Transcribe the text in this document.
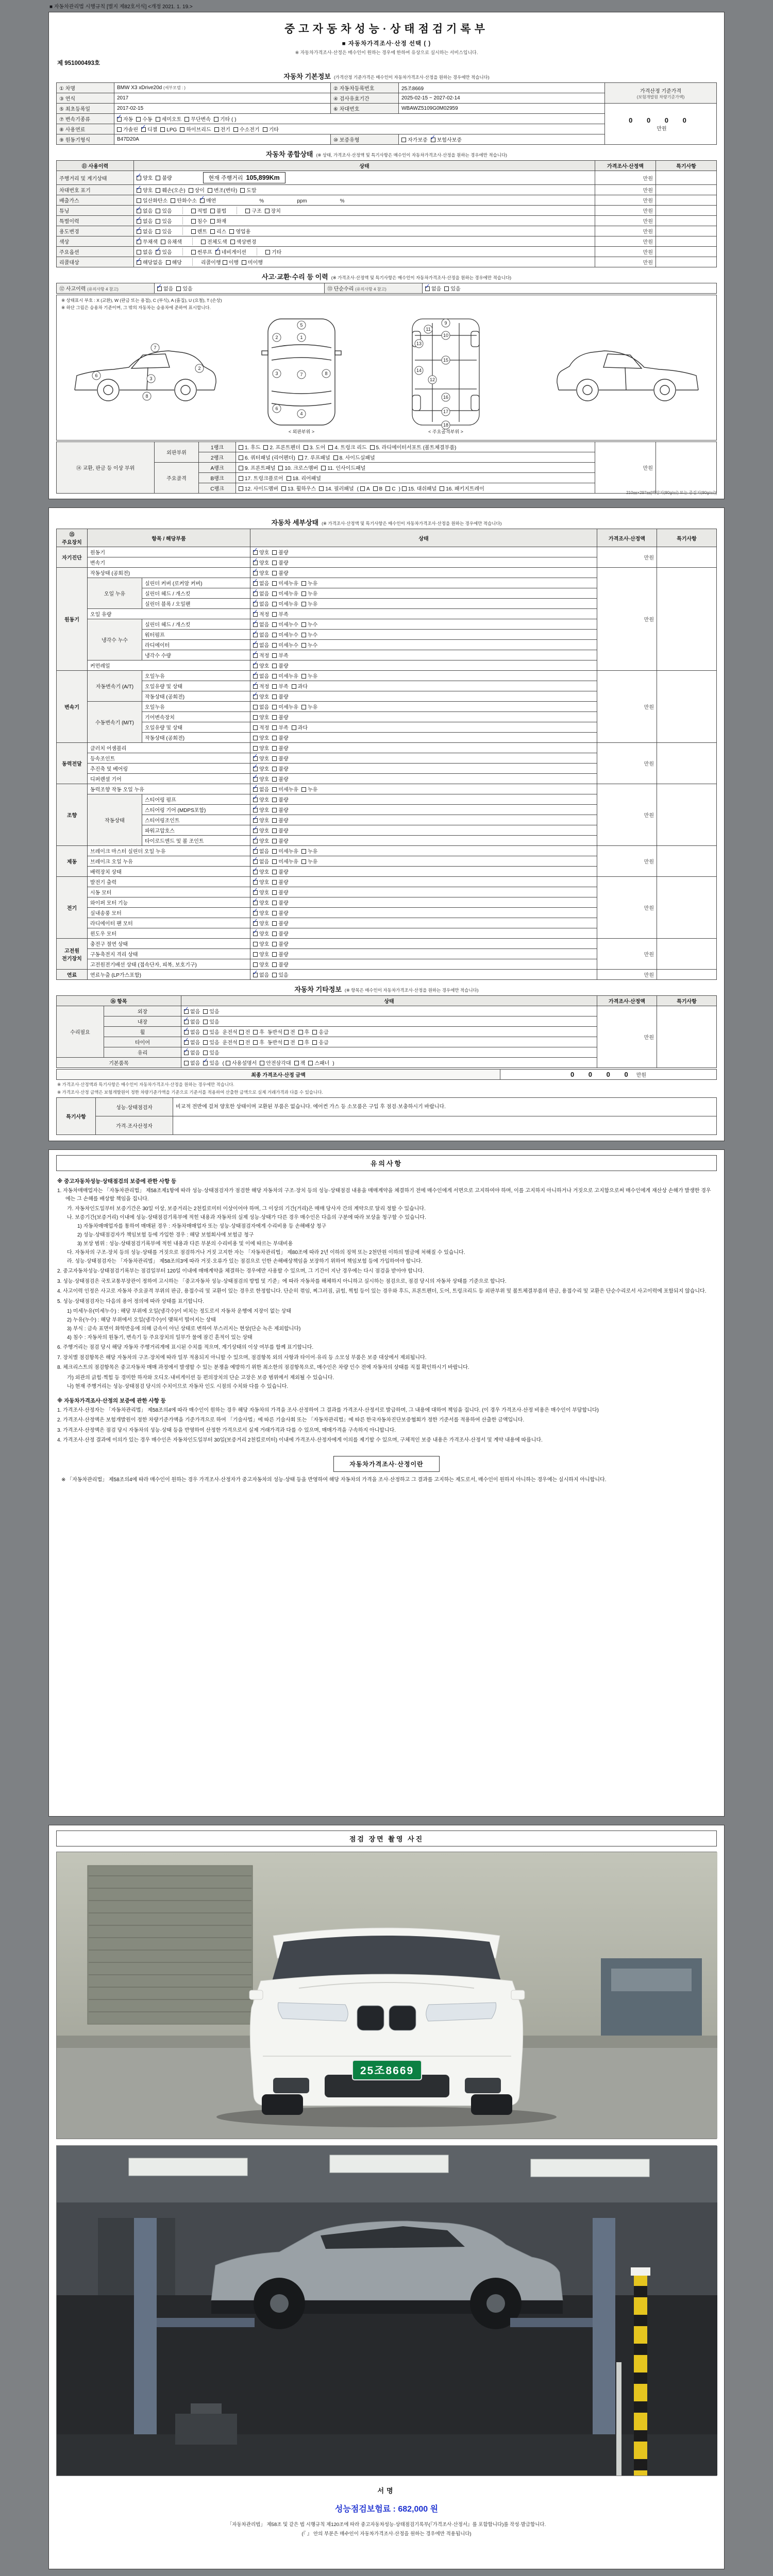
■ 자동차관리법 시행규칙 [별지 제82호서식] <개정 2021. 1. 19.>
중고자동차성능·상태점검기록부
■ 자동차가격조사·산정 선택 ( )
※ 자동차가격조사·산정은 매수인이 원하는 경우에 한하여 유상으로 실시하는 서비스입니다.
제 951000493호
자동차 기본정보 (가격산정 기준가격은 매수인이 자동차가격조사·산정을 원하는 경우에만 적습니다)
① 차명	BMW X3 xDrive20d (세부모델 : )	② 자동차등록번호	25조8669	가격산정 기준가격
(보험개발원 차량기준가액)

③ 연식	2017	④ 검사유효기간	2025-02-15 ~ 2027-02-14	
⑤ 최초등록일	2017-02-15	⑥ 차대번호	WBAWZ5109G0M02959	0 0 0 0
만원

⑦ 변속기종류	✓ 자동 수동 세미오토 무단변속 기타 ( )			
⑧ 사용연료	가솔린 ✓ 디젤 LPG 하이브리드 전기 수소전기 기타			
⑨ 원동기형식	B47D20A	⑩ 보증유형	자가보증 ✓ 보험사보증	
자동차 종합상태 (※ 상태, 가격조사·산정액 및 특기사항은 매수인이 자동차가격조사·산정을 원하는 경우에만 적습니다)
⑪ 사용이력	상태	가격조사·산정액	특기사항
주행거리 및 계기상태	✓ 양호 불량 현재 주행거리 105,899Km	만원	
차대번호 표기	✓ 양호 훼손(오손) 상이 변조(변타) 도말	만원	
배출가스	일산화탄소 탄화수소 ✓ 매연 % ppm %	만원	
튜닝	✓ 없음 있음 적법 불법 구조 장치	만원	
특별이력	✓ 없음 있음 침수 화재	만원	
용도변경	✓ 없음 있음 렌트 리스 영업용	만원	
색상	✓ 무채색 유채색 전체도색 색상변경	만원	
주요옵션	없음 ✓ 있음 썬루프 ✓ 네비게이션 기타	만원	
리콜대상	✓ 해당없음 해당 리콜이행 이행 미이행	만원	
사고·교환·수리 등 이력 (※ 가격조사·산정액 및 특기사항은 매수인이 자동차가격조사·산정을 원하는 경우에만 적습니다)
⑫ 사고이력 (유의사항 4 참고)	✓ 없음 있음	⑬ 단순수리 (유의사항 4 참고)	✓ 없음 있음
※ 상태표시 부호 : X (교환), W (판금 또는 용접), C (부식), A (흠집), U (요철), T (손상)
※ 하단 그림은 승용차 기준이며, 그 밖의 자동차는 승용차에 준하여 표시합니다.
2
3
6
7
8
5
1
7
4
2
3
6
8
9
10
11
12
13
14
15
16
17
18
< 외판부위 >	< 주요골격부위 >
⑭ 교환, 판금 등 이상 부위	외판부위	1랭크	1. 후드 2. 프론트펜더 3. 도어 4. 트렁크 리드 5. 라디에이터서포트 (볼트체결부품)	만원	
		2랭크	6. 쿼터패널 (리어펜더) 7. 루프패널 8. 사이드실패널		
	주요골격	A랭크	9. 프론트패널 10. 크로스멤버 11. 인사이드패널		
		B랭크	17. 트렁크플로어 18. 리어패널		
		C랭크	12. 사이드멤버 13. 휠하우스 14. 필러패널 ( A B C ) 15. 대쉬패널 16. 패키지트레이		
210㎜×297㎜[백상지(80g/㎡) 또는 중질지(80g/㎡)]
자동차 세부상태 (※ 가격조사·산정액 및 특기사항은 매수인이 자동차가격조사·산정을 원하는 경우에만 적습니다)
⑮ 주요장치	항목 / 해당부품		상태	가격조사·산정액	특기사항
자기진단	원동기		✓ 양호 불량	만원	
	변속기		✓ 양호 불량		
원동기	작동상태 (공회전)		✓ 양호 불량	만원	
	오일 누유	실린더 커버 (로커암 커버)	✓ 없음 미세누유 누유		
		실린더 헤드 / 개스킷	✓ 없음 미세누유 누유		
		실린더 블록 / 오일팬	✓ 없음 미세누유 누유		
	오일 유량		✓ 적정 부족		
	냉각수 누수	실린더 헤드 / 개스킷	✓ 없음 미세누수 누수		
		워터펌프	✓ 없음 미세누수 누수		
		라디에이터	✓ 없음 미세누수 누수		
		냉각수 수량	✓ 적정 부족		
	커먼레일		✓ 양호 불량		
변속기	자동변속기 (A/T)	오일누유	✓ 없음 미세누유 누유	만원	
		오일유량 및 상태	✓ 적정 부족 과다		
		작동상태 (공회전)	✓ 양호 불량		
	수동변속기 (M/T)	오일누유	없음 미세누유 누유		
		기어변속장치	양호 불량		
		오일유량 및 상태	적정 부족 과다		
		작동상태 (공회전)	양호 불량		
동력전달	클러치 어셈블리		양호 불량	만원	
	등속조인트		✓ 양호 불량		
	추진축 및 베어링		✓ 양호 불량		
	디퍼렌셜 기어		✓ 양호 불량		
조향	동력조향 작동 오일 누유		✓ 없음 미세누유 누유	만원	
	작동상태	스티어링 펌프	✓ 양호 불량		
		스티어링 기어 (MDPS포함)	✓ 양호 불량		
		스티어링조인트	✓ 양호 불량		
		파워고압호스	✓ 양호 불량		
		타이로드엔드 및 볼 조인트	✓ 양호 불량		
제동	브레이크 마스터 실린더 오일 누유		✓ 없음 미세누유 누유	만원	
	브레이크 오일 누유		✓ 없음 미세누유 누유		
	배력장치 상태		✓ 양호 불량		
전기	발전기 출력		✓ 양호 불량	만원	
	시동 모터		✓ 양호 불량		
	와이퍼 모터 기능		✓ 양호 불량		
	실내송풍 모터		✓ 양호 불량		
	라디에이터 팬 모터		✓ 양호 불량		
	윈도우 모터		✓ 양호 불량		
고전원 전기장치	충전구 절연 상태		양호 불량	만원	
	구동축전지 격리 상태		양호 불량		
	고전원전기배선 상태 (접속단자, 피복, 보호기구)		양호 불량		
연료	연료누출 (LP가스포함)		✓ 없음 있음	만원	
자동차 기타정보 (※ 항목은 매수인이 자동차가격조사·산정을 원하는 경우에만 적습니다)
⑯ 항목		상태	가격조사·산정액	특기사항
수리필요	외장	✓ 없음 있음	만원	
	내장	✓ 없음 있음		
	휠	✓ 없음 있음 운전석 전 후 동반석 전 후 응급		
	타이어	✓ 없음 있음 운전석 전 후 동반석 전 후 응급		
	유리	✓ 없음 있음		
기본품목		없음 ✓ 있음 ( 사용설명서 안전삼각대 잭 스패너 )		
최종 가격조사·산정 금액	0 0 0 0 만원
※ 가격조사·산정액과 특기사항은 매수인이 자동차가격조사·산정을 원하는 경우에만 적습니다.
※ 가격조사·산정 금액은 보험개발원이 정한 차량기준가액을 기준으로 기준서를 적용하여 산출한 금액으로 실제 거래가격과 다를 수 있습니다.
특기사항	성능·상태점검자	비교적 전반에 걸쳐 양호한 상태이며 교환된 부품은 없습니다. 에어컨 가스 등 소모품은 구입 후 점검·보충하시기 바랍니다.
	가격·조사산정자	
유의사항
※ 중고자동차성능·상태점검의 보증에 관한 사항 등
1. 자동차매매업자는 「자동차관리법」 제58조제1항에 따라 성능·상태점검자가 점검한 해당 자동차의 구조·장치 등의 성능·상태점검 내용을 매매계약을 체결하기 전에 매수인에게 서면으로 고지하여야 하며, 이를 고지하지 아니하거나 거짓으로 고지함으로써 매수인에게 재산상 손해가 발생한 경우에는 그 손해를 배상할 책임을 집니다.
가. 자동차인도일부터 보증기간은 30일 이상, 보증거리는 2천킬로미터 이상이어야 하며, 그 이상의 기간(거리)은 매매 당사자 간의 계약으로 달리 정할 수 있습니다.
나. 보증기간(보증거리) 이내에 성능·상태점검기록부에 적힌 내용과 자동차의 실제 성능·상태가 다른 경우 매수인은 다음의 구분에 따라 보상을 청구할 수 있습니다.
1) 자동차매매업자를 통하여 매매된 경우 : 자동차매매업자 또는 성능·상태점검자에게 수리비용 등 손해배상 청구
2) 성능·상태점검자가 책임보험 등에 가입한 경우 : 해당 보험회사에 보험금 청구
3) 보상 범위 : 성능·상태점검기록부에 적힌 내용과 다른 부분의 수리비용 및 이에 따르는 부대비용
다. 자동차의 구조·장치 등의 성능·상태를 거짓으로 점검하거나 거짓 고지한 자는 「자동차관리법」 제80조에 따라 2년 이하의 징역 또는 2천만원 이하의 벌금에 처해질 수 있습니다.
라. 성능·상태점검자는 「자동차관리법」 제58조의3에 따라 거짓·오류가 있는 점검으로 인한 손해배상책임을 보장하기 위하여 책임보험 등에 가입하여야 합니다.
2. 중고자동차성능·상태점검기록부는 점검일부터 120일 이내에 매매계약을 체결하는 경우에만 사용할 수 있으며, 그 기간이 지난 경우에는 다시 점검을 받아야 합니다.
3. 성능·상태점검은 국토교통부장관이 정하여 고시하는 「중고자동차 성능·상태점검의 방법 및 기준」에 따라 자동차를 해체하지 아니하고 실시하는 점검으로, 점검 당시의 자동차 상태를 기준으로 합니다.
4. 사고이력 인정은 사고로 자동차 주요골격 부위의 판금, 용접수리 및 교환이 있는 경우로 한정합니다. 단순히 꺾임, 찌그러짐, 긁힘, 찍힘 등이 있는 경우와 후드, 프론트펜더, 도어, 트렁크리드 등 외판부위 및 볼트체결부품의 판금, 용접수리 및 교환은 단순수리로서 사고이력에 포함되지 않습니다.
5. 성능·상태점검자는 다음의 용어 정의에 따라 상태를 표기합니다.
1) 미세누유(미세누수) : 해당 부위에 오일(냉각수)이 비치는 정도로서 자동차 운행에 지장이 없는 상태
2) 누유(누수) : 해당 부위에서 오일(냉각수)이 맺혀서 떨어지는 상태
3) 부식 : 금속 표면이 화학반응에 의해 금속이 아닌 상태로 변하여 부스러지는 현상(단순 녹은 제외합니다)
4) 침수 : 자동차의 원동기, 변속기 등 주요장치의 일부가 물에 잠긴 흔적이 있는 상태
6. 주행거리는 점검 당시 해당 자동차 주행거리계에 표시된 수치를 적으며, 계기상태의 이상 여부를 함께 표기합니다.
7. 장치별 점검항목은 해당 자동차의 구조·장치에 따라 일부 적용되지 아니할 수 있으며, 점검항목 외의 사항과 타이어·유리 등 소모성 부품은 보증 대상에서 제외됩니다.
8. 체크리스트의 점검항목은 중고자동차 매매 과정에서 발생할 수 있는 분쟁을 예방하기 위한 최소한의 점검항목으로, 매수인은 차량 인수 전에 자동차의 상태를 직접 확인하시기 바랍니다.
가) 외관의 긁힘·찍힘 등 경미한 하자와 오디오·내비게이션 등 편의장치의 단순 고장은 보증 범위에서 제외될 수 있습니다.
나) 현재 주행거리는 성능·상태점검 당시의 수치이므로 자동차 인도 시점의 수치와 다를 수 있습니다.
※ 자동차가격조사·산정의 보증에 관한 사항 등
1. 가격조사·산정자는 「자동차관리법」 제58조의4에 따라 매수인이 원하는 경우 해당 자동차의 가격을 조사·산정하여 그 결과를 가격조사·산정서로 발급하며, 그 내용에 대하여 책임을 집니다. (이 경우 가격조사·산정 비용은 매수인이 부담합니다)
2. 가격조사·산정액은 보험개발원이 정한 차량기준가액을 기준가격으로 하여 「기술사법」에 따른 기술사회 또는 「자동차관리법」에 따른 한국자동차진단보증협회가 정한 기준서를 적용하여 산출한 금액입니다.
3. 가격조사·산정액은 점검 당시 자동차의 성능·상태 등을 반영하여 산정한 가격으로서 실제 거래가격과 다를 수 있으며, 매매가격을 구속하지 아니합니다.
4. 가격조사·산정 결과에 이의가 있는 경우 매수인은 자동차인도일부터 30일(보증거리 2천킬로미터) 이내에 가격조사·산정자에게 이의를 제기할 수 있으며, 구체적인 보증 내용은 가격조사·산정서 및 계약 내용에 따릅니다.
자동차가격조사·산정이란
※ 「자동차관리법」 제58조의4에 따라 매수인이 원하는 경우 가격조사·산정자가 중고자동차의 성능·상태 등을 반영하여 해당 자동차의 가격을 조사·산정하고 그 결과를 고지하는 제도로서, 매수인이 원하지 아니하는 경우에는 실시하지 아니합니다.
점검 장면 촬영 사진
25조8669
서명
성능점검보험료 : 682,000 원
「자동차관리법」 제58조 및 같은 법 시행규칙 제120조에 따라 중고자동차성능·상태점검기록부(『가격조사·산정서』를 포함합니다)를 작성·발급합니다.
(『 』 안의 부분은 매수인이 자동차가격조사·산정을 원하는 경우에만 적용됩니다)
